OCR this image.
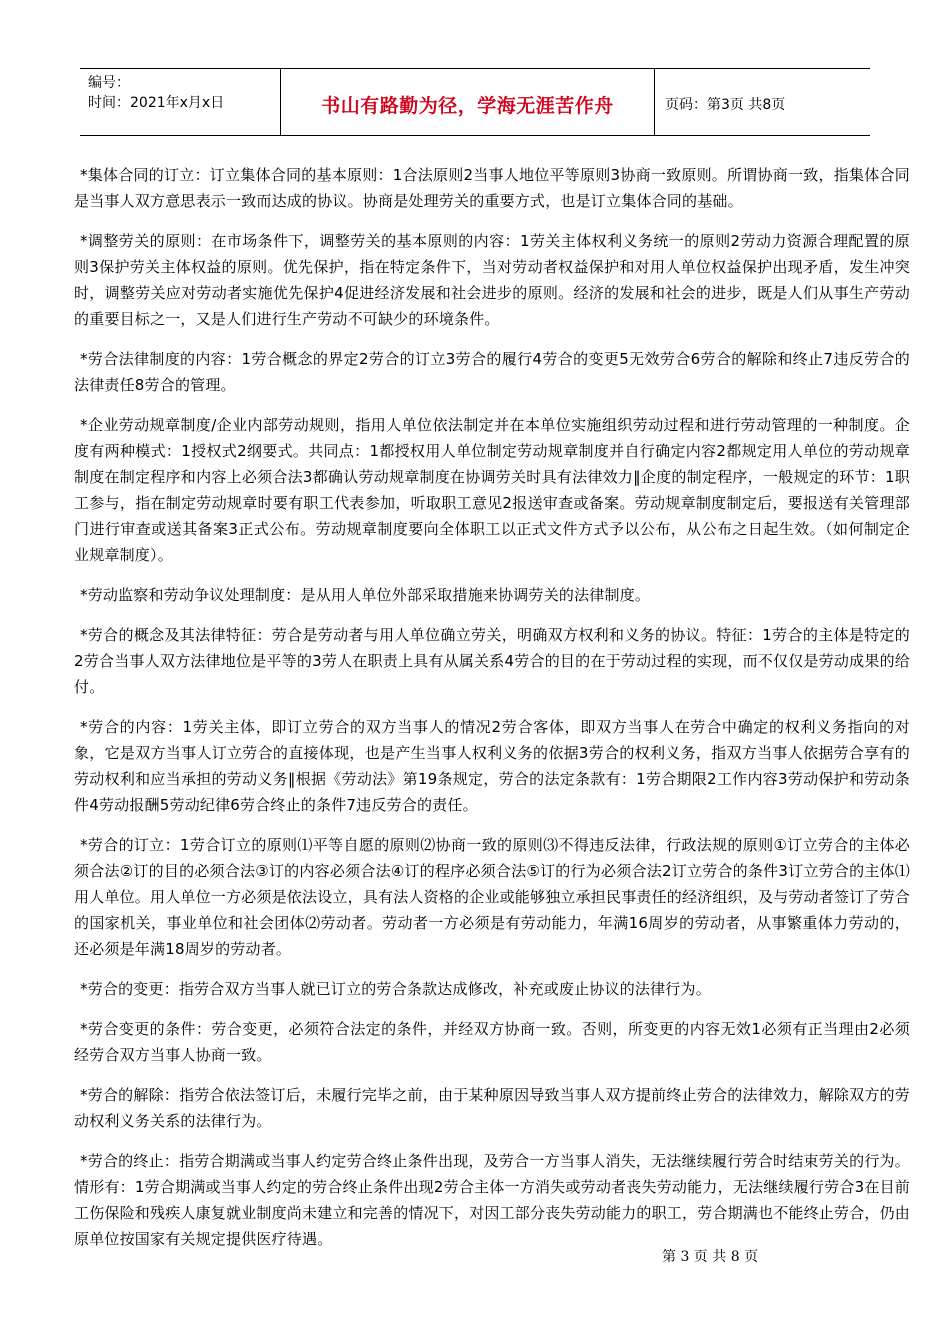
编号：
时间：2021年x月x日	书山有路勤为径，学海无涯苦作舟	页码：第3页 共8页

*集体合同的订立：订立集体合同的基本原则：1合法原则2当事人地位平等原则3协商一致原则。所谓协商一致，指集体合同是当事人双方意思表示一致而达成的协议。协商是处理劳关的重要方式，也是订立集体合同的基础。

*调整劳关的原则：在市场条件下，调整劳关的基本原则的内容：1劳关主体权利义务统一的原则2劳动力资源合理配置的原则3保护劳关主体权益的原则。优先保护，指在特定条件下，当对劳动者权益保护和对用人单位权益保护出现矛盾，发生冲突时，调整劳关应对劳动者实施优先保护4促进经济发展和社会进步的原则。经济的发展和社会的进步，既是人们从事生产劳动的重要目标之一，又是人们进行生产劳动不可缺少的环境条件。

*劳合法律制度的内容：1劳合概念的界定2劳合的订立3劳合的履行4劳合的变更5无效劳合6劳合的解除和终止7违反劳合的法律责任8劳合的管理。

*企业劳动规章制度/企业内部劳动规则，指用人单位依法制定并在本单位实施组织劳动过程和进行劳动管理的一种制度。企度有两种模式：1授权式2纲要式。共同点：1都授权用人单位制定劳动规章制度并自行确定内容2都规定用人单位的劳动规章制度在制定程序和内容上必须合法3都确认劳动规章制度在协调劳关时具有法律效力‖企度的制定程序，一般规定的环节：1职工参与，指在制定劳动规章时要有职工代表参加，听取职工意见2报送审查或备案。劳动规章制度制定后，要报送有关管理部门进行审查或送其备案3正式公布。劳动规章制度要向全体职工以正式文件方式予以公布，从公布之日起生效。（如何制定企业规章制度）。

*劳动监察和劳动争议处理制度：是从用人单位外部采取措施来协调劳关的法律制度。

*劳合的概念及其法律特征：劳合是劳动者与用人单位确立劳关，明确双方权利和义务的协议。特征：1劳合的主体是特定的2劳合当事人双方法律地位是平等的3劳人在职责上具有从属关系4劳合的目的在于劳动过程的实现，而不仅仅是劳动成果的给付。

*劳合的内容：1劳关主体，即订立劳合的双方当事人的情况2劳合客体，即双方当事人在劳合中确定的权利义务指向的对象，它是双方当事人订立劳合的直接体现，也是产生当事人权利义务的依据3劳合的权利义务，指双方当事人依据劳合享有的劳动权利和应当承担的劳动义务‖根据《劳动法》第19条规定，劳合的法定条款有：1劳合期限2工作内容3劳动保护和劳动条件4劳动报酬5劳动纪律6劳合终止的条件7违反劳合的责任。

*劳合的订立：1劳合订立的原则⑴平等自愿的原则⑵协商一致的原则⑶不得违反法律，行政法规的原则①订立劳合的主体必须合法②订的目的必须合法③订的内容必须合法④订的程序必须合法⑤订的行为必须合法2订立劳合的条件3订立劳合的主体⑴用人单位。用人单位一方必须是依法设立，具有法人资格的企业或能够独立承担民事责任的经济组织，及与劳动者签订了劳合的国家机关，事业单位和社会团体⑵劳动者。劳动者一方必须是有劳动能力，年满16周岁的劳动者，从事繁重体力劳动的，还必须是年满18周岁的劳动者。

*劳合的变更：指劳合双方当事人就已订立的劳合条款达成修改，补充或废止协议的法律行为。

*劳合变更的条件：劳合变更，必须符合法定的条件，并经双方协商一致。否则，所变更的内容无效1必须有正当理由2必须经劳合双方当事人协商一致。

*劳合的解除：指劳合依法签订后，未履行完毕之前，由于某种原因导致当事人双方提前终止劳合的法律效力，解除双方的劳动权利义务关系的法律行为。

*劳合的终止：指劳合期满或当事人约定劳合终止条件出现，及劳合一方当事人消失，无法继续履行劳合时结束劳关的行为。情形有：1劳合期满或当事人约定的劳合终止条件出现2劳合主体一方消失或劳动者丧失劳动能力，无法继续履行劳合3在目前工伤保险和残疾人康复就业制度尚未建立和完善的情况下，对因工部分丧失劳动能力的职工，劳合期满也不能终止劳合，仍由原单位按国家有关规定提供医疗待遇。

第 3 页 共 8 页
